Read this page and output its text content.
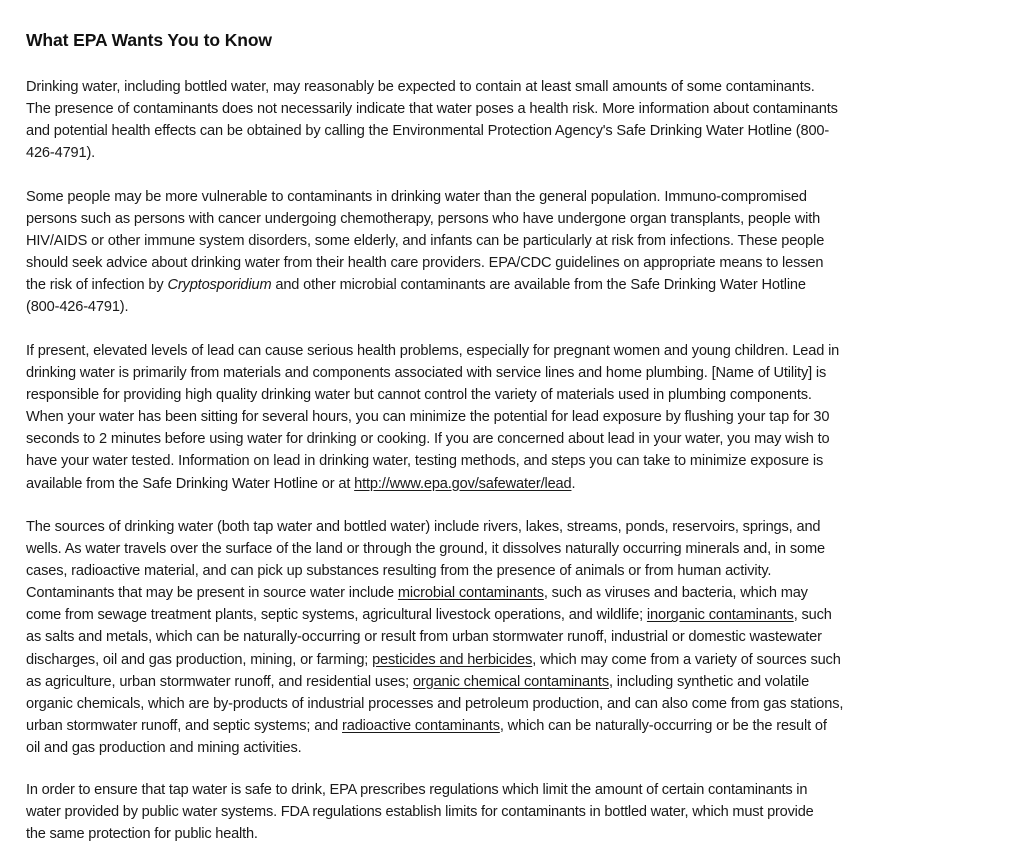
What EPA Wants You to Know

Drinking water, including bottled water, may reasonably be expected to contain at least small amounts of some contaminants.
The presence of contaminants does not necessarily indicate that water poses a health risk. More information about contaminants
and potential health effects can be obtained by calling the Environmental Protection Agency's Safe Drinking Water Hotline (800-
426-4791).

Some people may be more vulnerable to contaminants in drinking water than the general population. Immuno-compromised
persons such as persons with cancer undergoing chemotherapy, persons who have undergone organ transplants, people with
HIV/AIDS or other immune system disorders, some elderly, and infants can be particularly at risk from infections. These people
should seek advice about drinking water from their health care providers. EPA/CDC guidelines on appropriate means to lessen
the risk of infection by Cryptosporidium and other microbial contaminants are available from the Safe Drinking Water Hotline
(800-426-4791).

If present, elevated levels of lead can cause serious health problems, especially for pregnant women and young children. Lead in
drinking water is primarily from materials and components associated with service lines and home plumbing. [Name of Utility] is
responsible for providing high quality drinking water but cannot control the variety of materials used in plumbing components.
When your water has been sitting for several hours, you can minimize the potential for lead exposure by flushing your tap for 30
seconds to 2 minutes before using water for drinking or cooking. If you are concerned about lead in your water, you may wish to
have your water tested. Information on lead in drinking water, testing methods, and steps you can take to minimize exposure is
available from the Safe Drinking Water Hotline or at http://www.epa.gov/safewater/lead.

The sources of drinking water (both tap water and bottled water) include rivers, lakes, streams, ponds, reservoirs, springs, and
wells. As water travels over the surface of the land or through the ground, it dissolves naturally occurring minerals and, in some
cases, radioactive material, and can pick up substances resulting from the presence of animals or from human activity.
Contaminants that may be present in source water include microbial contaminants, such as viruses and bacteria, which may
come from sewage treatment plants, septic systems, agricultural livestock operations, and wildlife; inorganic contaminants, such
as salts and metals, which can be naturally-occurring or result from urban stormwater runoff, industrial or domestic wastewater
discharges, oil and gas production, mining, or farming; pesticides and herbicides, which may come from a variety of sources such
as agriculture, urban stormwater runoff, and residential uses; organic chemical contaminants, including synthetic and volatile
organic chemicals, which are by-products of industrial processes and petroleum production, and can also come from gas stations,
urban stormwater runoff, and septic systems; and radioactive contaminants, which can be naturally-occurring or be the result of
oil and gas production and mining activities.

In order to ensure that tap water is safe to drink, EPA prescribes regulations which limit the amount of certain contaminants in
water provided by public water systems. FDA regulations establish limits for contaminants in bottled water, which must provide
the same protection for public health.
